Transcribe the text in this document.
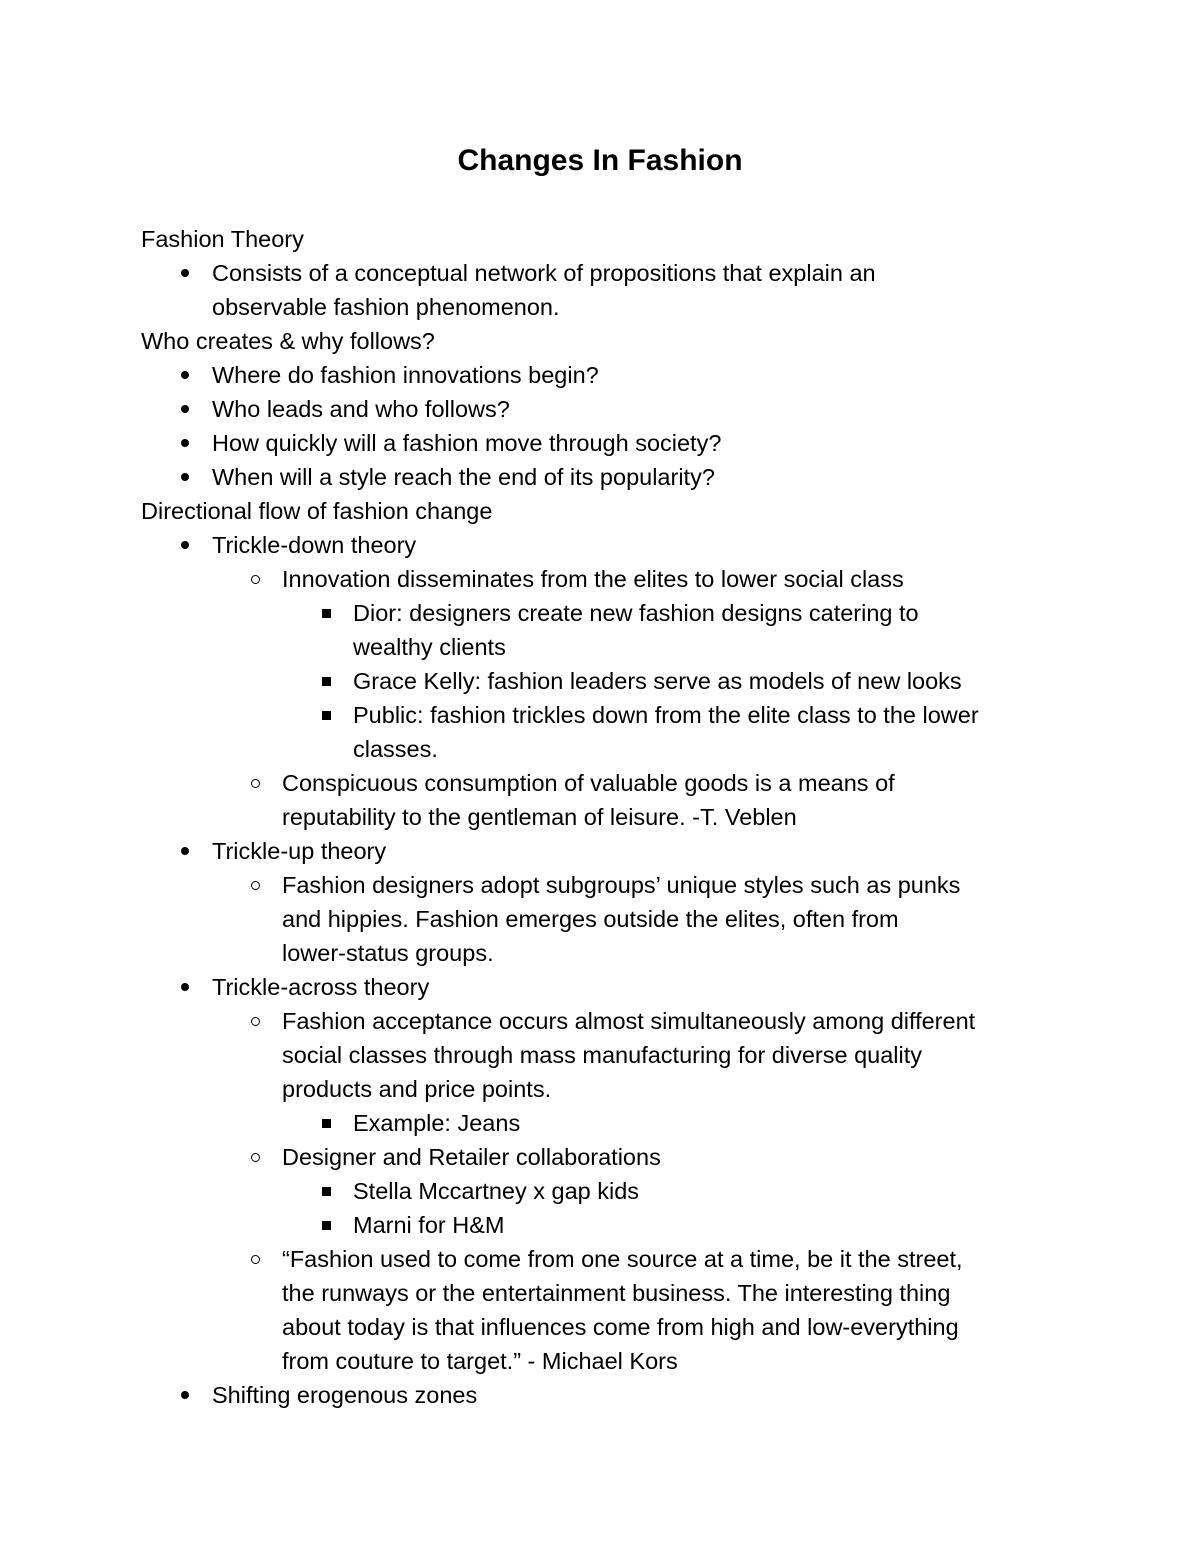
Changes In Fashion
Fashion Theory
Consists of a conceptual network of propositions that explain an
observable fashion phenomenon.
Who creates & why follows?
Where do fashion innovations begin?
Who leads and who follows?
How quickly will a fashion move through society?
When will a style reach the end of its popularity?
Directional flow of fashion change
Trickle-down theory
Innovation disseminates from the elites to lower social class
Dior: designers create new fashion designs catering to
wealthy clients
Grace Kelly: fashion leaders serve as models of new looks
Public: fashion trickles down from the elite class to the lower
classes.
Conspicuous consumption of valuable goods is a means of
reputability to the gentleman of leisure. -T. Veblen
Trickle-up theory
Fashion designers adopt subgroups’ unique styles such as punks
and hippies. Fashion emerges outside the elites, often from
lower-status groups.
Trickle-across theory
Fashion acceptance occurs almost simultaneously among different
social classes through mass manufacturing for diverse quality
products and price points.
Example: Jeans
Designer and Retailer collaborations
Stella Mccartney x gap kids
Marni for H&M
“Fashion used to come from one source at a time, be it the street,
the runways or the entertainment business. The interesting thing
about today is that influences come from high and low-everything
from couture to target.” - Michael Kors
Shifting erogenous zones
